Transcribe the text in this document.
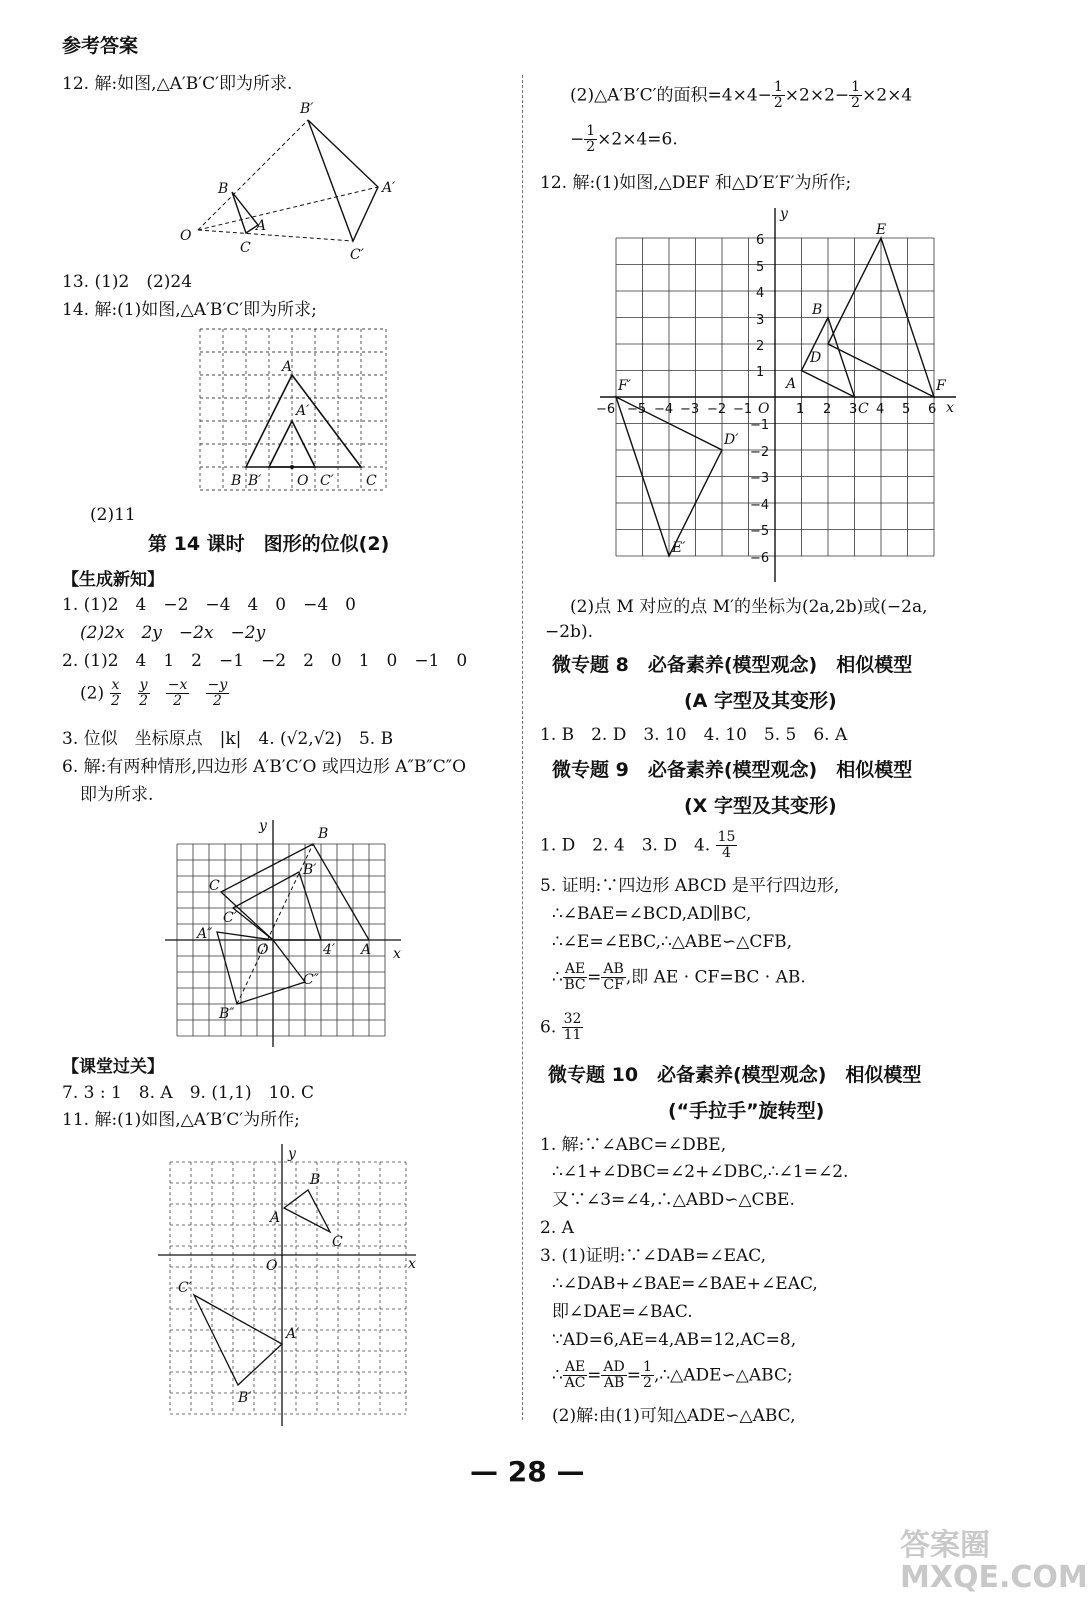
参考答案
12. 解:如图,△A′B′C′即为所求.
B′
A′
C′
B
A
C
O
13. (1)2　(2)24
14. 解:(1)如图,△A′B′C′即为所求;
A
A′
B B′	O C′ C
(2)11
第 14 课时　图形的位似(2)
【生成新知】
1. (1)2　4　−2　−4　4　0　−4　0
(2)2x　2y　−2x　−2y
2. (1)2　4　1　2　−1　−2　2　0　1　0　−1　0
$(2) \frac{x}{2}$
$\frac{y}{2}$
$\frac{-x}{2}$
$\frac{-y}{2}$
3. 位似　坐标原点　|k|　4. (√2,√2)　5. B
6. 解:有两种情形,四边形 A′B′C′O 或四边形 A″B″C″O
即为所求.
y	B
B′
C
C′
A″
O	4′ A
C″
B″
x
【课堂过关】
7. 3 : 1　8. A　9. (1,1)　10. C
11. 解:(1)如图,△A′B′C′为所作;
y
B
A
C
O	x
C′
A′
B′
(2)△A′B′C′的面积$=4\times 4- \frac{1}{2} \times 2\times 2- \frac{1}{2} \times 2\times 4$
− $\frac{1}{2} \times 2\times 4=6$.
12. 解:(1)如图,△DEF 和△D′E′F′为所作;
6
5
4
3
2
1
−1
−2
−3
−4
−5
−6
−6 −5 −4 −3 −2 −1	1 2 3 4 5 6
y
E
B
D
A
F′	F
D′
E′
x
O	C
(2)点 M 对应的点 M′的坐标为(2a,2b)或(−2a,
−2b).
微专题 8　必备素养(模型观念)　相似模型
(A 字型及其变形)
1. B　2. D　3. 10　4. 10　5. 5　6. A
微专题 9　必备素养(模型观念)　相似模型
(X 字型及其变形)
1. D　2. 4　3. D　4. $\frac{15}{4}$
5. 证明:∵四边形 ABCD 是平行四边形,
∴∠BAE=∠BCD,AD∥BC,
∴∠E=∠EBC,∴△ABE∽△CFB,
∴ $\frac{AE}{BC} = \frac{AB}{CF}$ ,即 AE · CF=BC · AB.
6. $\frac{32}{11}$
微专题 10　必备素养(模型观念)　相似模型
(“手拉手”旋转型)
1. 解:∵∠ABC=∠DBE,
∴∠1+∠DBC=∠2+∠DBC,∴∠1=∠2.
又∵∠3=∠4,∴△ABD∽△CBE.
2. A
3. (1)证明:∵∠DAB=∠EAC,
∴∠DAB+∠BAE=∠BAE+∠EAC,
即∠DAE=∠BAC.
∵AD=6,AE=4,AB=12,AC=8,
∴ $\frac{AE}{AC} = \frac{AD}{AB} = \frac{1}{2}$ ,∴△ADE∽△ABC;
(2)解:由(1)可知△ADE∽△ABC,
— 28 —
答案圈 MXQE.COM
